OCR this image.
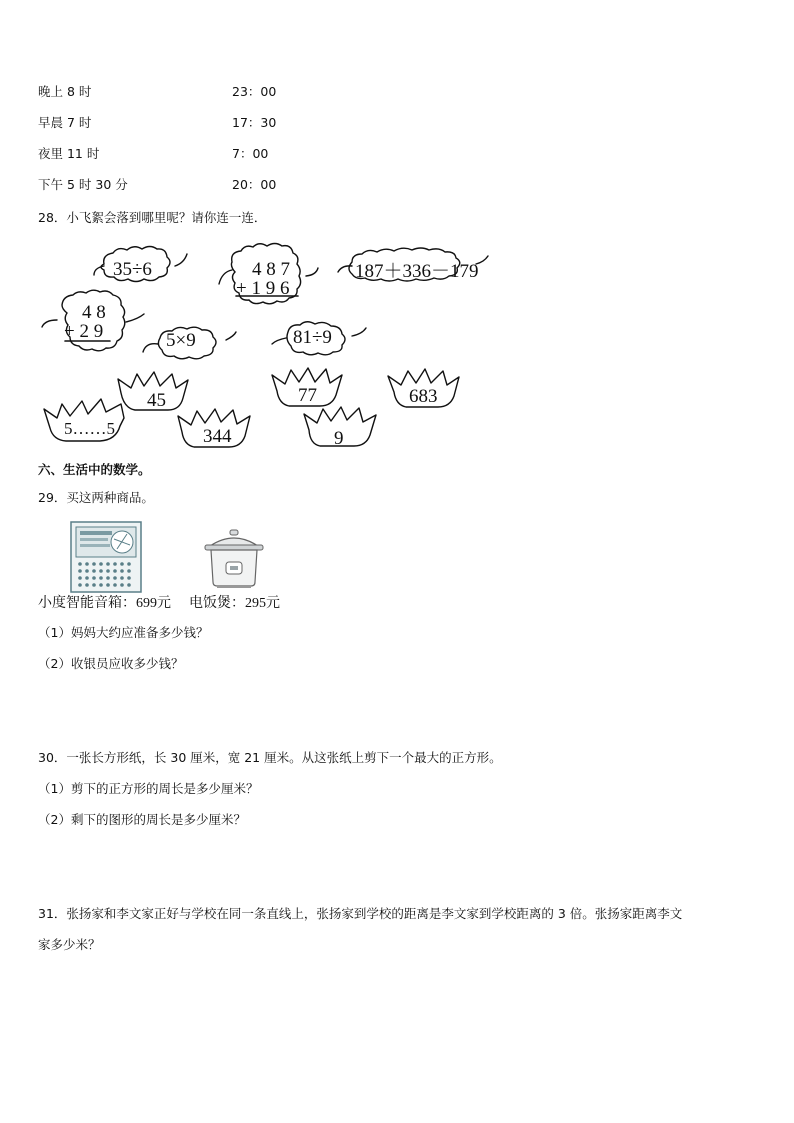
晚上 8 时	23：00
早晨 7 时	17：30
夜里 11 时	7：00
下午 5 时 30 分	20：00
28．小飞絮会落到哪里呢？请你连一连．
35÷6	4 8 7
+ 1 9 6
187＋336－179
4 8
+ 2 9	5×9	81÷9
5……5
45
344
77
9
683
六、生活中的数学。
29．买这两种商品。
小度智能音箱：699元 电饭煲：295元
（1）妈妈大约应准备多少钱？
（2）收银员应收多少钱？
30．一张长方形纸，长 30 厘米，宽 21 厘米。从这张纸上剪下一个最大的正方形。
（1）剪下的正方形的周长是多少厘米？
（2）剩下的图形的周长是多少厘米？
31．张扬家和李文家正好与学校在同一条直线上，张扬家到学校的距离是李文家到学校距离的 3 倍。张扬家距离李文
家多少米？
